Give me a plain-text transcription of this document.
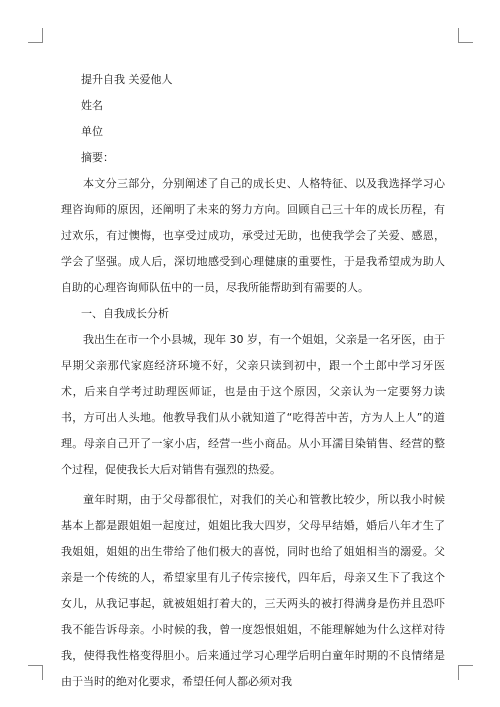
提升自我 关爱他人

姓名

单位

摘要：

本文分三部分，分别阐述了自己的成长史、人格特征、以及我选择学习心理咨询师的原因，还阐明了未来的努力方向。回顾自己三十年的成长历程，有过欢乐，有过懊悔，也享受过成功，承受过无助，也使我学会了关爱、感恩，学会了坚强。成人后，深切地感受到心理健康的重要性，于是我希望成为助人自助的心理咨询师队伍中的一员，尽我所能帮助到有需要的人。

一、自我成长分析

我出生在市一个小县城，现年 30 岁，有一个姐姐，父亲是一名牙医，由于早期父亲那代家庭经济环境不好，父亲只读到初中，跟一个土郎中学习牙医术，后来自学考过助理医师证，也是由于这个原因，父亲认为一定要努力读书，方可出人头地。他教导我们从小就知道了“吃得苦中苦，方为人上人”的道理。母亲自己开了一家小店，经营一些小商品。从小耳濡目染销售、经营的整个过程，促使我长大后对销售有强烈的热爱。

童年时期，由于父母都很忙，对我们的关心和管教比较少，所以我小时候基本上都是跟姐姐一起度过，姐姐比我大四岁，父母早结婚，婚后八年才生了我姐姐，姐姐的出生带给了他们极大的喜悦，同时也给了姐姐相当的溺爱。父亲是一个传统的人，希望家里有儿子传宗接代，四年后，母亲又生下了我这个女儿，从我记事起，就被姐姐打着大的，三天两头的被打得满身是伤并且恐吓我不能告诉母亲。小时候的我，曾一度怨恨姐姐，不能理解她为什么这样对待我，使得我性格变得胆小。后来通过学习心理学后明白童年时期的不良情绪是由于当时的绝对化要求，希望任何人都必须对我
